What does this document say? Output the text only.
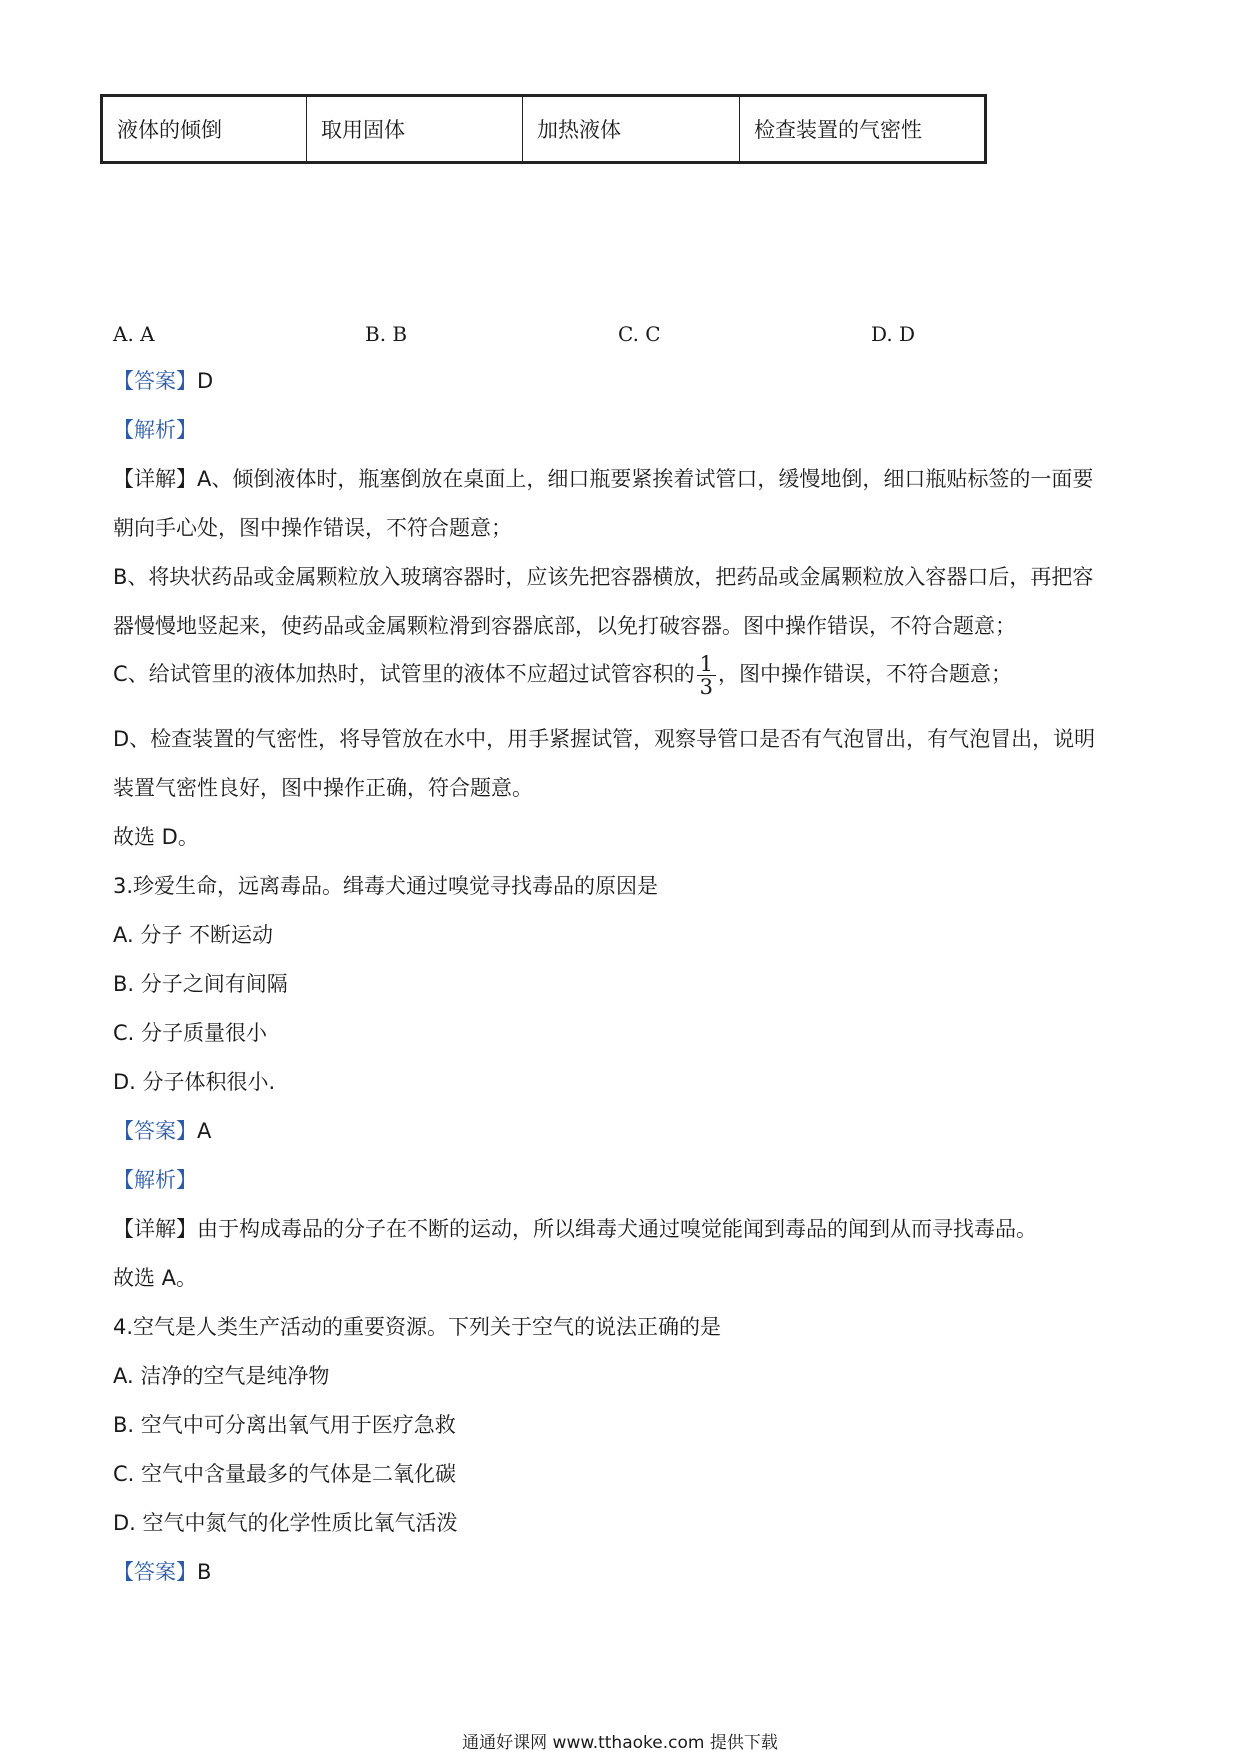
液体的倾倒	取用固体	加热液体	检查装置的气密性
A. A	B. B	C. C	D. D
【答案】D
【解析】
【详解】A、倾倒液体时，瓶塞倒放在桌面上，细口瓶要紧挨着试管口，缓慢地倒，细口瓶贴标签的一面要
朝向手心处，图中操作错误，不符合题意；
B、将块状药品或金属颗粒放入玻璃容器时，应该先把容器横放，把药品或金属颗粒放入容器口后，再把容
器慢慢地竖起来，使药品或金属颗粒滑到容器底部，以免打破容器。图中操作错误，不符合题意；
C、给试管里的液体加热时，试管里的液体不应超过试管容积的 $\frac{1}{3}$ ，图中操作错误，不符合题意；
D、检查装置的气密性，将导管放在水中，用手紧握试管，观察导管口是否有气泡冒出，有气泡冒出，说明
装置气密性良好，图中操作正确，符合题意。
故选 D。
3.珍爱生命，远离毒品。缉毒犬通过嗅觉寻找毒品的原因是
A. 分子 不断运动
B. 分子之间有间隔
C. 分子质量很小
D. 分子体积很小.
【答案】A
【解析】
【详解】由于构成毒品的分子在不断的运动，所以缉毒犬通过嗅觉能闻到毒品的闻到从而寻找毒品。
故选 A。
4.空气是人类生产活动的重要资源。下列关于空气的说法正确的是
A. 洁净的空气是纯净物
B. 空气中可分离出氧气用于医疗急救
C. 空气中含量最多的气体是二氧化碳
D. 空气中氮气的化学性质比氧气活泼
【答案】B
通通好课网 www.tthaoke.com 提供下载
